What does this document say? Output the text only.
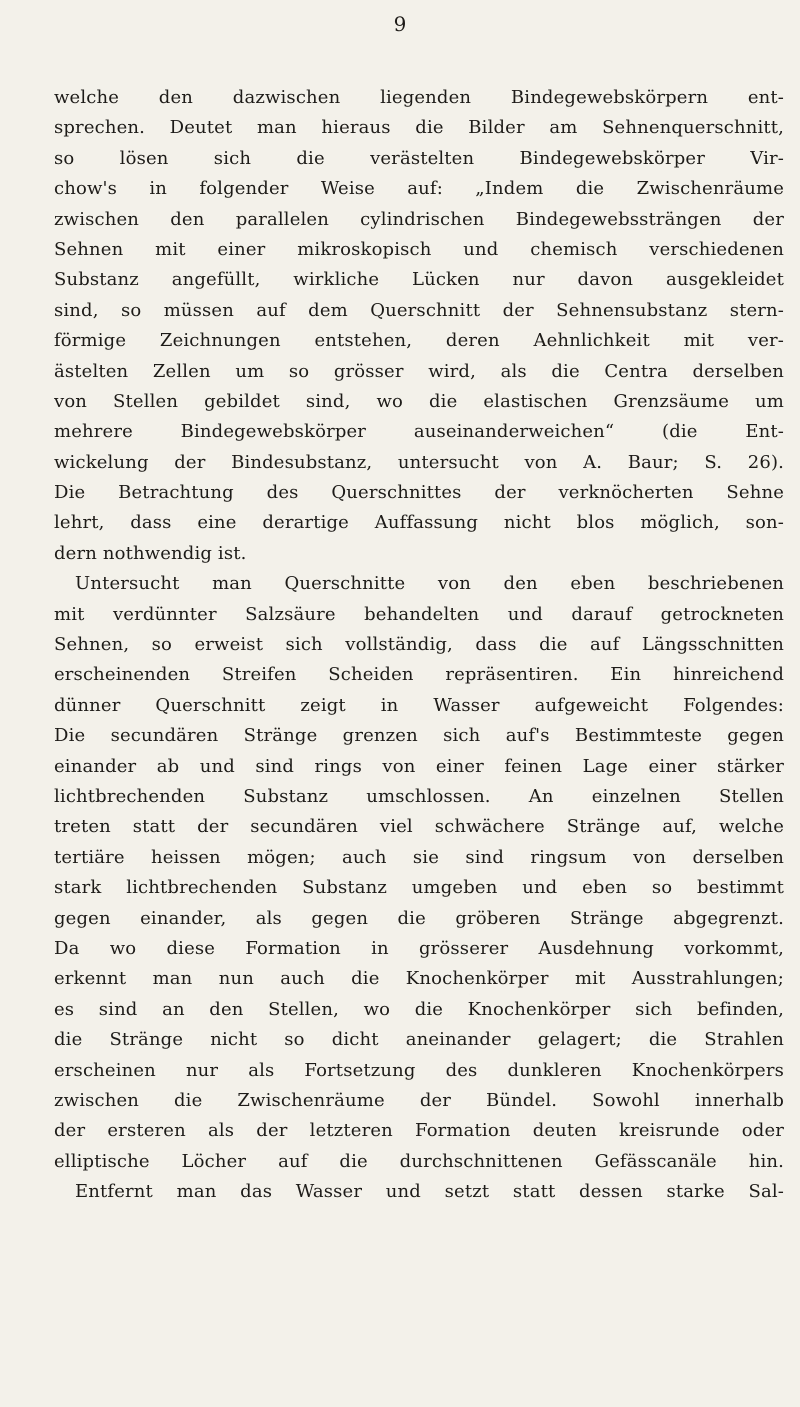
9
welche den dazwischen liegenden Bindegewebskörpern ent-
sprechen. Deutet man hieraus die Bilder am Sehnenquerschnitt,
so lösen sich die verästelten Bindegewebskörper Vir-
chow's in folgender Weise auf: „Indem die Zwischenräume
zwischen den parallelen cylindrischen Bindegewebssträngen der
Sehnen mit einer mikroskopisch und chemisch verschiedenen
Substanz angefüllt, wirkliche Lücken nur davon ausgekleidet
sind, so müssen auf dem Querschnitt der Sehnensubstanz stern-
förmige Zeichnungen entstehen, deren Aehnlichkeit mit ver-
ästelten Zellen um so grösser wird, als die Centra derselben
von Stellen gebildet sind, wo die elastischen Grenzsäume um
mehrere Bindegewebskörper auseinanderweichen“ (die Ent-
wickelung der Bindesubstanz, untersucht von A. Baur; S. 26).
Die Betrachtung des Querschnittes der verknöcherten Sehne
lehrt, dass eine derartige Auffassung nicht blos möglich, son-
dern nothwendig ist.
Untersucht man Querschnitte von den eben beschriebenen
mit verdünnter Salzsäure behandelten und darauf getrockneten
Sehnen, so erweist sich vollständig, dass die auf Längsschnitten
erscheinenden Streifen Scheiden repräsentiren. Ein hinreichend
dünner Querschnitt zeigt in Wasser aufgeweicht Folgendes:
Die secundären Stränge grenzen sich auf's Bestimmteste gegen
einander ab und sind rings von einer feinen Lage einer stärker
lichtbrechenden Substanz umschlossen. An einzelnen Stellen
treten statt der secundären viel schwächere Stränge auf, welche
tertiäre heissen mögen; auch sie sind ringsum von derselben
stark lichtbrechenden Substanz umgeben und eben so bestimmt
gegen einander, als gegen die gröberen Stränge abgegrenzt.
Da wo diese Formation in grösserer Ausdehnung vorkommt,
erkennt man nun auch die Knochenkörper mit Ausstrahlungen;
es sind an den Stellen, wo die Knochenkörper sich befinden,
die Stränge nicht so dicht aneinander gelagert; die Strahlen
erscheinen nur als Fortsetzung des dunkleren Knochenkörpers
zwischen die Zwischenräume der Bündel. Sowohl innerhalb
der ersteren als der letzteren Formation deuten kreisrunde oder
elliptische Löcher auf die durchschnittenen Gefässcanäle hin.
Entfernt man das Wasser und setzt statt dessen starke Sal-
